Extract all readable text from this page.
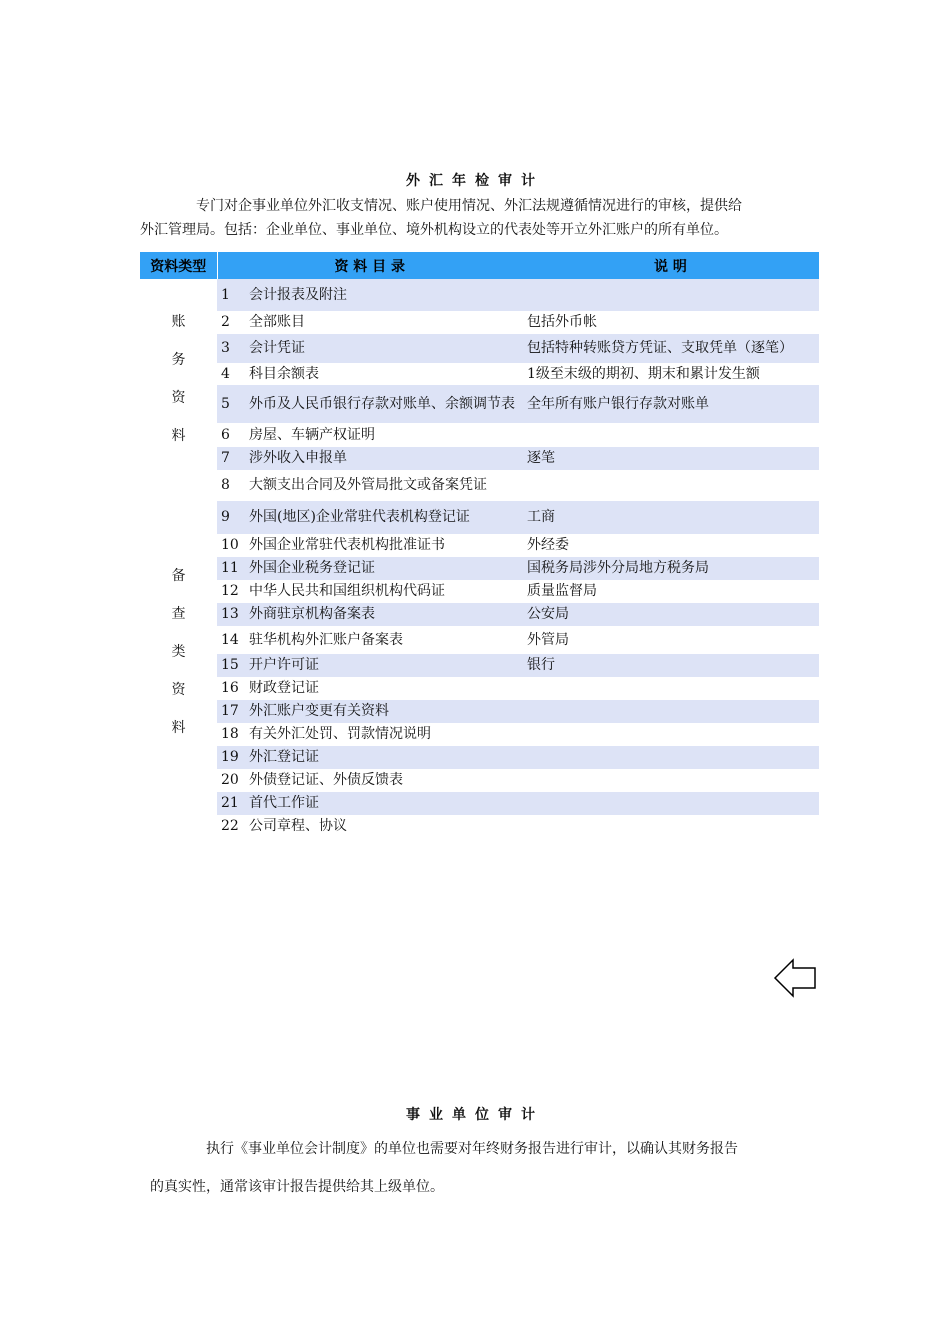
外汇年检审计
专门对企事业单位外汇收支情况、账户使用情况、外汇法规遵循情况进行的审核，提供给
外汇管理局。包括：企业单位、事业单位、境外机构设立的代表处等开立外汇账户的所有单位。
资料类型	资 料 目 录		说 明

账
务
资
料	1	会计报表及附注	
	2	全部账目	包括外币帐
	3	会计凭证	包括特种转账贷方凭证、支取凭单（逐笔）
	4	科目余额表	1级至末级的期初、期末和累计发生额
	5	外币及人民币银行存款对账单、余额调节表	全年所有账户银行存款对账单
	6	房屋、车辆产权证明	
	7	涉外收入申报单	逐笔
	8	大额支出合同及外管局批文或备案凭证	

备
查
类
资
料	9	外国(地区)企业常驻代表机构登记证	工商
	10	外国企业常驻代表机构批准证书	外经委
	11	外国企业税务登记证	国税务局涉外分局地方税务局
	12	中华人民共和国组织机构代码证	质量监督局
	13	外商驻京机构备案表	公安局
	14	驻华机构外汇账户备案表	外管局
	15	开户许可证	银行
	16	财政登记证	
	17	外汇账户变更有关资料	
	18	有关外汇处罚、罚款情况说明	
	19	外汇登记证	
	20	外债登记证、外债反馈表	
	21	首代工作证	
	22	公司章程、协议	
事业单位审计
执行《事业单位会计制度》的单位也需要对年终财务报告进行审计，以确认其财务报告
的真实性，通常该审计报告提供给其上级单位。
